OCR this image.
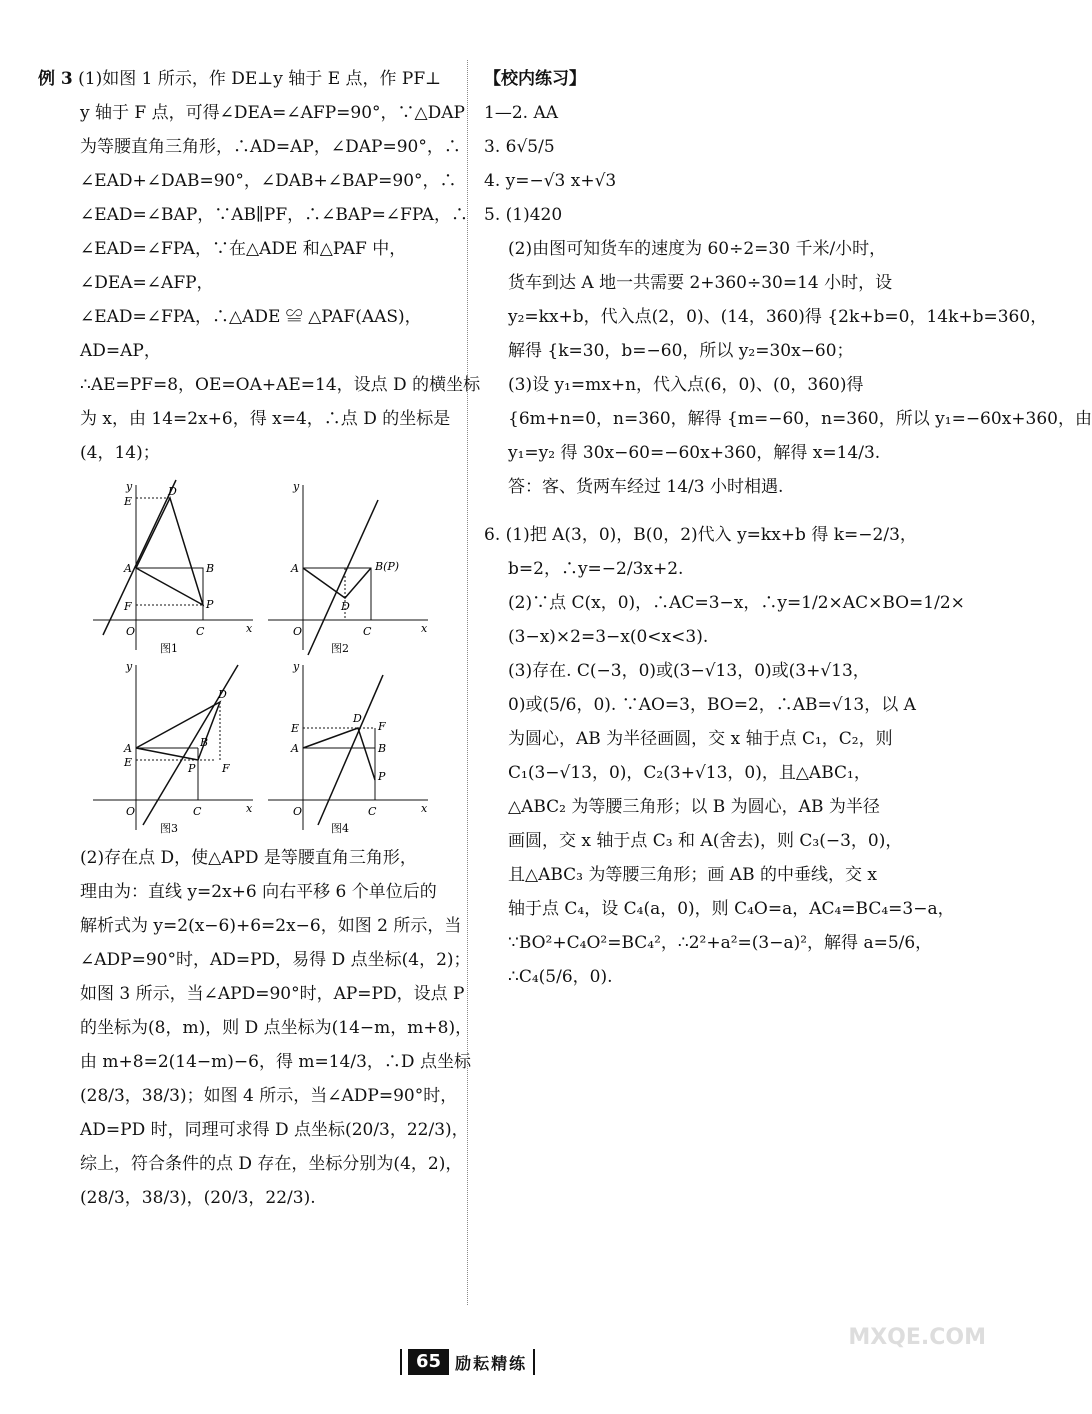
例 3 (1)如图 1 所示，作 DE⊥y 轴于 E 点，作 PF⊥
y 轴于 F 点，可得∠DEA=∠AFP=90°，∵△DAP
为等腰直角三角形，∴AD=AP，∠DAP=90°，∴
∠EAD+∠DAB=90°，∠DAB+∠BAP=90°，∴
∠EAD=∠BAP，∵AB∥PF，∴∠BAP=∠FPA，∴
∠EAD=∠FPA，∵在△ADE 和△PAF 中，
∠DEA=∠AFP，
∠EAD=∠FPA，∴△ADE ≌ △PAF(AAS)，
AD=AP，
∴AE=PF=8，OE=OA+AE=14，设点 D 的横坐标
为 x，由 14=2x+6，得 x=4，∴点 D 的坐标是
(4，14)；
x
y	D
E
A	B
F	P
O	C
图1
x
y
A	B(P)
D
O	C
图2
x
y
D
A	B
E	P F
O	C
图3
x
y
E
D
F
A	B
P
O	C
图4
(2)存在点 D，使△APD 是等腰直角三角形，
理由为：直线 y=2x+6 向右平移 6 个单位后的
解析式为 y=2(x−6)+6=2x−6，如图 2 所示，当
∠ADP=90°时，AD=PD，易得 D 点坐标(4，2)；
如图 3 所示，当∠APD=90°时，AP=PD，设点 P
的坐标为(8，m)，则 D 点坐标为(14−m，m+8)，
由 m+8=2(14−m)−6，得 m=14/3，∴D 点坐标
(28/3，38/3)；如图 4 所示，当∠ADP=90°时，
AD=PD 时，同理可求得 D 点坐标(20/3，22/3)，
综上，符合条件的点 D 存在，坐标分别为(4，2)，
(28/3，38/3)，(20/3，22/3).
【校内练习】
1—2. AA
3. 6√5/5
4. y=−√3 x+√3
5. (1)420
(2)由图可知货车的速度为 60÷2=30 千米/小时，
货车到达 A 地一共需要 2+360÷30=14 小时，设
y₂=kx+b，代入点(2，0)、(14，360)得 {2k+b=0，14k+b=360，
解得 {k=30，b=−60，所以 y₂=30x−60；
(3)设 y₁=mx+n，代入点(6，0)、(0，360)得
{6m+n=0，n=360，解得 {m=−60，n=360，所以 y₁=−60x+360，由
y₁=y₂ 得 30x−60=−60x+360，解得 x=14/3.
答：客、货两车经过 14/3 小时相遇.
6. (1)把 A(3，0)，B(0，2)代入 y=kx+b 得 k=−2/3，
b=2，∴y=−2/3x+2.
(2)∵点 C(x，0)，∴AC=3−x，∴y=1/2×AC×BO=1/2×
(3−x)×2=3−x(0<x<3).
(3)存在. C(−3，0)或(3−√13，0)或(3+√13，
0)或(5/6，0). ∵AO=3，BO=2，∴AB=√13，以 A
为圆心，AB 为半径画圆，交 x 轴于点 C₁，C₂，则
C₁(3−√13，0)，C₂(3+√13，0)，且△ABC₁，
△ABC₂ 为等腰三角形；以 B 为圆心，AB 为半径
画圆，交 x 轴于点 C₃ 和 A(舍去)，则 C₃(−3，0)，
且△ABC₃ 为等腰三角形；画 AB 的中垂线，交 x
轴于点 C₄，设 C₄(a，0)，则 C₄O=a，AC₄=BC₄=3−a，
∵BO²+C₄O²=BC₄²，∴2²+a²=(3−a)²，解得 a=5/6，
∴C₄(5/6，0).
65 励耘精练
MXQE.COM
